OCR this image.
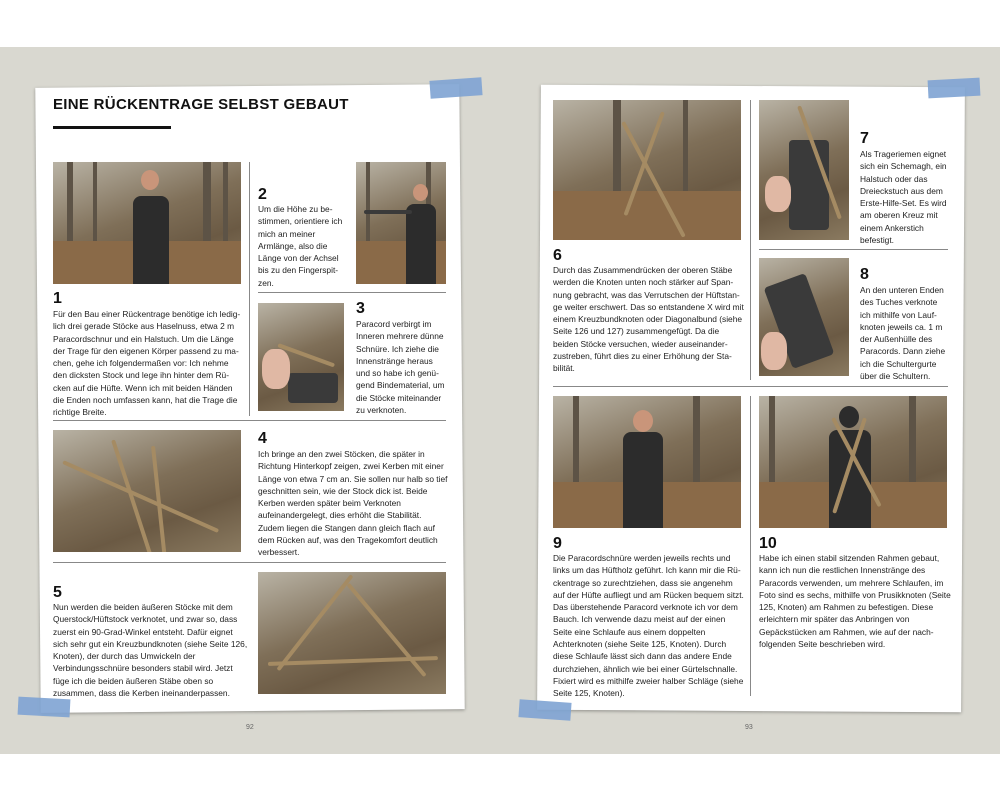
EINE RÜCKENTRAGE SELBST GEBAUT
1
Für den Bau einer Rückentrage benötige ich lediglich drei gerade Stöcke aus Haselnuss, etwa 2 m Paracordschnur und ein Halstuch. Um die Länge der Trage für den eigenen Körper passend zu machen, gehe ich folgendermaßen vor: Ich nehme den dicksten Stock und lege ihn hinter dem Rücken auf die Hüfte. Wenn ich mit beiden Händen die Enden noch umfassen kann, hat die Trage die richtige Breite.
2
Um die Höhe zu bestimmen, orientiere ich mich an meiner Armlänge, also die Länge von der Achsel bis zu den Fingerspitzen.
3
Paracord verbirgt im Inneren mehrere dünne Schnüre. Ich ziehe die Innenstränge heraus und so habe ich genügend Bindematerial, um die Stöcke miteinander zu verknoten.
4
Ich bringe an den zwei Stöcken, die später in Richtung Hinterkopf zeigen, zwei Kerben mit einer Länge von etwa 7 cm an. Sie sollen nur halb so tief geschnitten sein, wie der Stock dick ist. Beide Kerben werden später beim Verknoten aufeinandergelegt, dies erhöht die Stabilität. Zudem liegen die Stangen dann gleich flach auf dem Rücken auf, was den Tragekomfort deutlich verbessert.
5
Nun werden die beiden äußeren Stöcke mit dem Querstock/Hüftstock verknotet, und zwar so, dass zuerst ein 90-Grad-Winkel entsteht. Dafür eignet sich sehr gut ein Kreuzbundknoten (siehe Seite 126, Knoten), der durch das Umwickeln der Verbindungsschnüre besonders stabil wird. Jetzt füge ich die beiden äußeren Stäbe oben so zusammen, dass die Kerben ineinanderpassen.
92
6
Durch das Zusammendrücken der oberen Stäbe werden die Knoten unten noch stärker auf Spannung gebracht, was das Verrutschen der Hüftstange weiter erschwert. Das so entstandene X wird mit einem Kreuzbundknoten oder Diagonalbund (siehe Seite 126 und 127) zusammengefügt. Da die beiden Stöcke versuchen, wieder auseinanderzustreben, führt dies zu einer Erhöhung der Stabilität.
7
Als Trageriemen eignet sich ein Schemagh, ein Halstuch oder das Dreieckstuch aus dem Erste-Hilfe-Set. Es wird am oberen Kreuz mit einem Ankerstich befestigt.
8
An den unteren Enden des Tuches verknote ich mithilfe von Laufknoten jeweils ca. 1 m der Außenhülle des Paracords. Dann ziehe ich die Schultergurte über die Schultern.
9
Die Paracordschnüre werden jeweils rechts und links um das Hüftholz geführt. Ich kann mir die Rückentrage so zurechtziehen, dass sie angenehm auf der Hüfte aufliegt und am Rücken bequem sitzt. Das überstehende Paracord verknote ich vor dem Bauch. Ich verwende dazu meist auf der einen Seite eine Schlaufe aus einem doppelten Achterknoten (siehe Seite 125, Knoten). Durch diese Schlaufe lässt sich dann das andere Ende durchziehen, ähnlich wie bei einer Gürtelschnalle. Fixiert wird es mithilfe zweier halber Schläge (siehe Seite 125, Knoten).
10
Habe ich einen stabil sitzenden Rahmen gebaut, kann ich nun die restlichen Innenstränge des Paracords verwenden, um mehrere Schlaufen, im Foto sind es sechs, mithilfe von Prusikknoten (Seite 125, Knoten) am Rahmen zu befestigen. Diese erleichtern mir später das Anbringen von Gepäckstücken am Rahmen, wie auf der nachfolgenden Seite beschrieben wird.
93
